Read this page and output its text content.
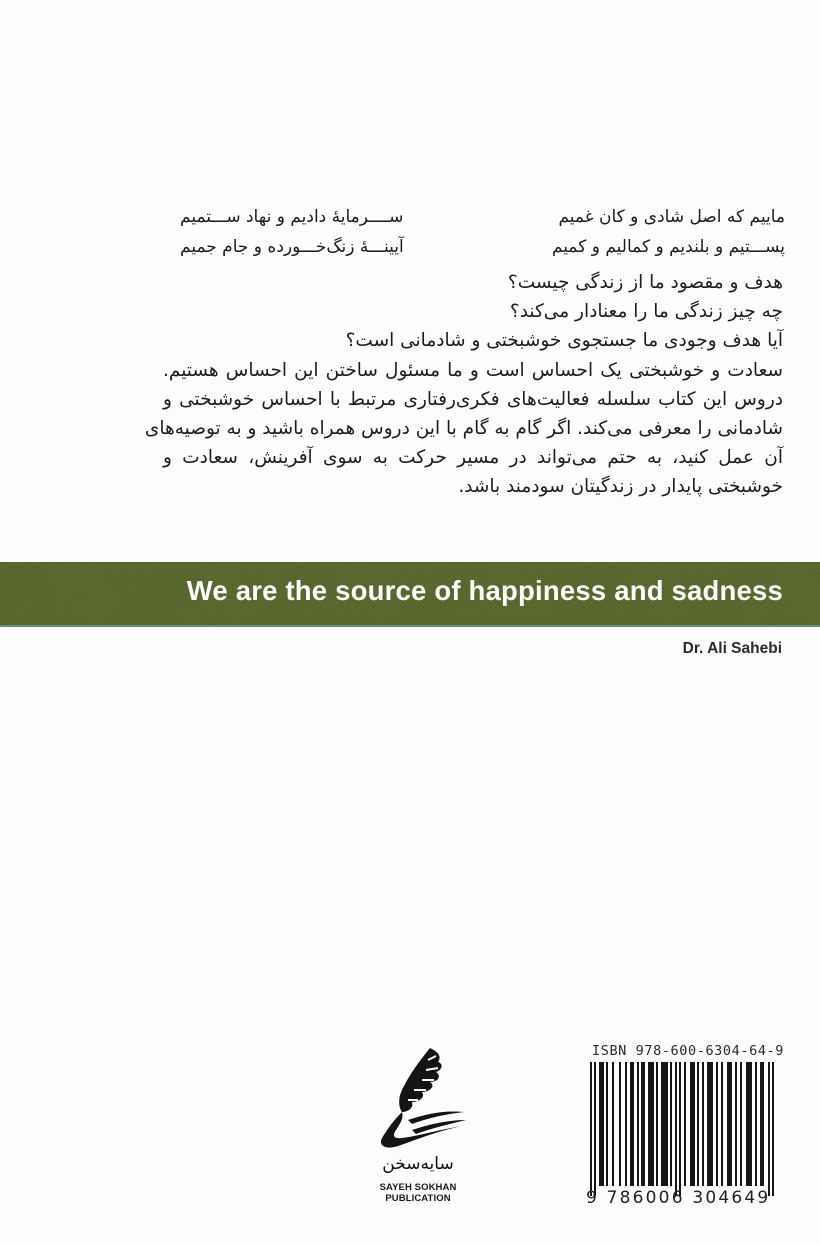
ماییم که اصل شادی و کان غمیم
ســــرمایهٔ دادیم و نهاد ســـتمیم
پســـتیم و بلندیم و کمالیم و کمیم
آیینـــهٔ زنگ‌خـــورده و جام جمیم
هدف و مقصود ما از زندگی چیست؟
چه چیز زندگی ما را معنادار می‌کند؟
آیا هدف وجودی ما جستجوی خوشبختی و شادمانی است؟
سعادت و خوشبختی یک احساس است و ما مسئول ساختن این احساس هستیم.
دروس این کتاب سلسله فعالیت‌های فکری‌رفتاری مرتبط با احساس خوشبختی و
شادمانی را معرفی می‌کند. اگر گام به گام با این دروس همراه باشید و به توصیه‌های
آن عمل کنید، به حتم می‌تواند در مسیر حرکت به سوی آفرینش، سعادت و
خوشبختی پایدار در زندگیتان سودمند باشد.
We are the source of happiness and sadness
Dr. Ali Sahebi
سایه‌سخن
SAYEH SOKHAN
PUBLICATION
ISBN 978-600-6304-64-9
9 786006 304649
